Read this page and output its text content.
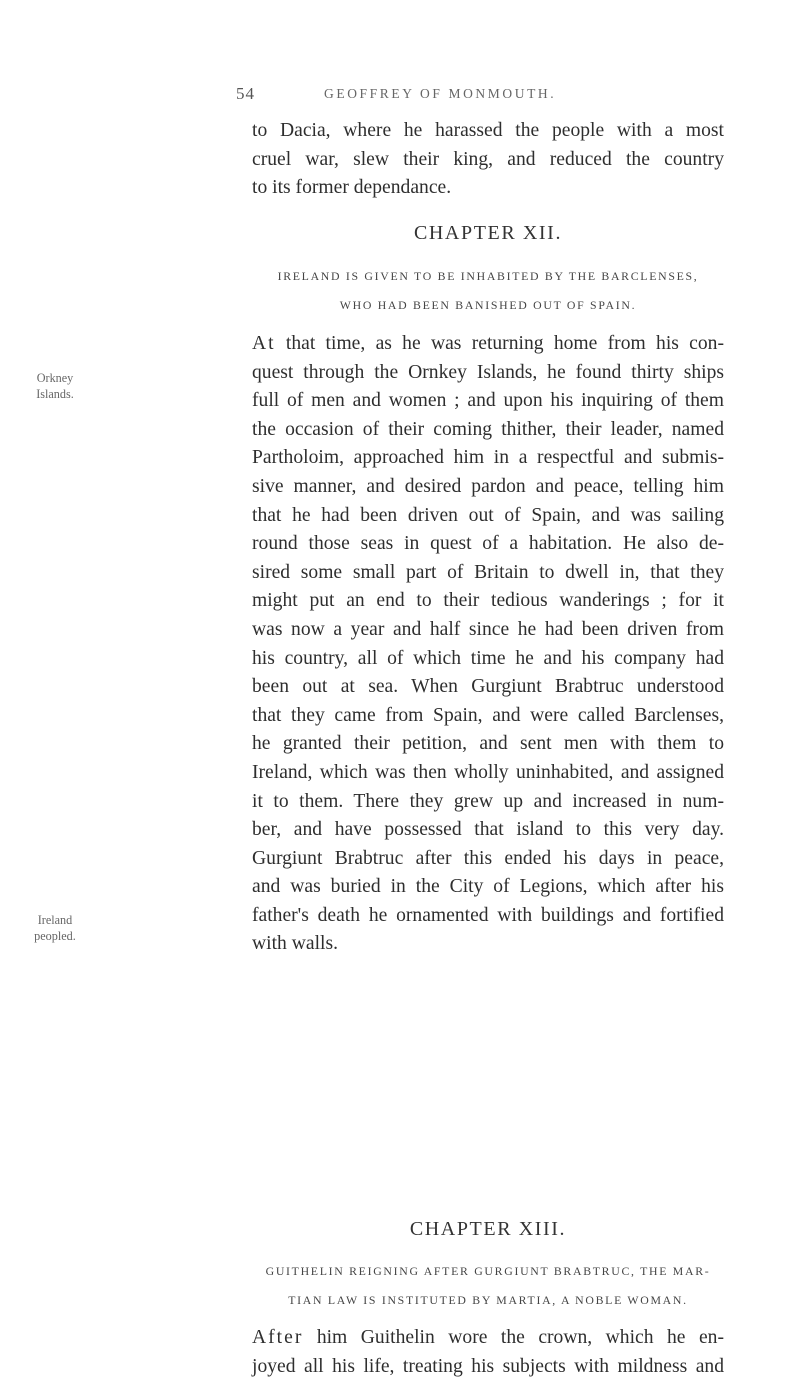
54	GEOFFREY OF MONMOUTH.
to Dacia, where he harassed the people with a most
cruel war, slew their king, and reduced the country
to its former dependance.
CHAPTER XII.
IRELAND IS GIVEN TO BE INHABITED BY THE BARCLENSES,
WHO HAD BEEN BANISHED OUT OF SPAIN.
At that time, as he was returning home from his con-
quest through the Ornkey Islands, he found thirty ships
full of men and women ; and upon his inquiring of them
the occasion of their coming thither, their leader, named
Partholoim, approached him in a respectful and submis-
sive manner, and desired pardon and peace, telling him
that he had been driven out of Spain, and was sailing
round those seas in quest of a habitation. He also de-
sired some small part of Britain to dwell in, that they
might put an end to their tedious wanderings ; for it
was now a year and half since he had been driven from
his country, all of which time he and his company had
been out at sea. When Gurgiunt Brabtruc understood
that they came from Spain, and were called Barclenses,
he granted their petition, and sent men with them to
Ireland, which was then wholly uninhabited, and assigned
it to them. There they grew up and increased in num-
ber, and have possessed that island to this very day.
Gurgiunt Brabtruc after this ended his days in peace,
and was buried in the City of Legions, which after his
father's death he ornamented with buildings and fortified
with walls.
Orkney
Islands.
Ireland
peopled.
CHAPTER XIII.
GUITHELIN REIGNING AFTER GURGIUNT BRABTRUC, THE MAR-
TIAN LAW IS INSTITUTED BY MARTIA, A NOBLE WOMAN.
After him Guithelin wore the crown, which he en-
joyed all his life, treating his subjects with mildness and
